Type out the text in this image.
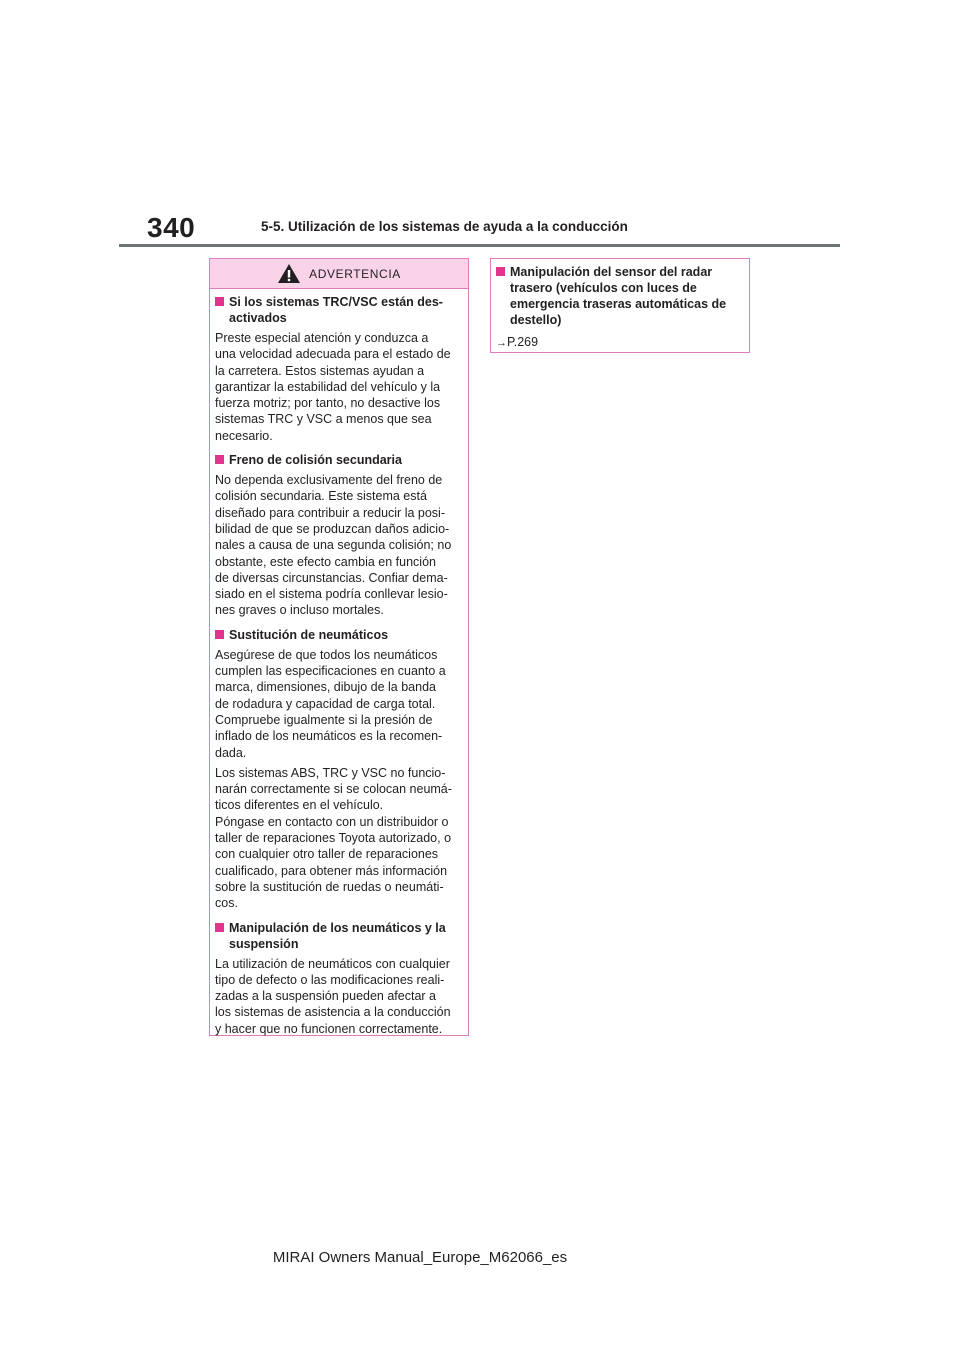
340	5-5. Utilización de los sistemas de ayuda a la conducción
ADVERTENCIA
Si los sistemas TRC/VSC están des-
activados

Preste especial atención y conduzca a
una velocidad adecuada para el estado de
la carretera. Estos sistemas ayudan a
garantizar la estabilidad del vehículo y la
fuerza motriz; por tanto, no desactive los
sistemas TRC y VSC a menos que sea
necesario.

Freno de colisión secundaria

No dependa exclusivamente del freno de
colisión secundaria. Este sistema está
diseñado para contribuir a reducir la posi-
bilidad de que se produzcan daños adicio-
nales a causa de una segunda colisión; no
obstante, este efecto cambia en función
de diversas circunstancias. Confiar dema-
siado en el sistema podría conllevar lesio-
nes graves o incluso mortales.

Sustitución de neumáticos

Asegúrese de que todos los neumáticos
cumplen las especificaciones en cuanto a
marca, dimensiones, dibujo de la banda
de rodadura y capacidad de carga total.
Compruebe igualmente si la presión de
inflado de los neumáticos es la recomen-
dada.

Los sistemas ABS, TRC y VSC no funcio-
narán correctamente si se colocan neumá-
ticos diferentes en el vehículo.
Póngase en contacto con un distribuidor o
taller de reparaciones Toyota autorizado, o
con cualquier otro taller de reparaciones
cualificado, para obtener más información
sobre la sustitución de ruedas o neumáti-
cos.

Manipulación de los neumáticos y la
suspensión

La utilización de neumáticos con cualquier
tipo de defecto o las modificaciones reali-
zadas a la suspensión pueden afectar a
los sistemas de asistencia a la conducción
y hacer que no funcionen correctamente.

Manipulación del sensor del radar
trasero (vehículos con luces de
emergencia traseras automáticas de
destello)
→P.269
MIRAI Owners Manual_Europe_M62066_es
